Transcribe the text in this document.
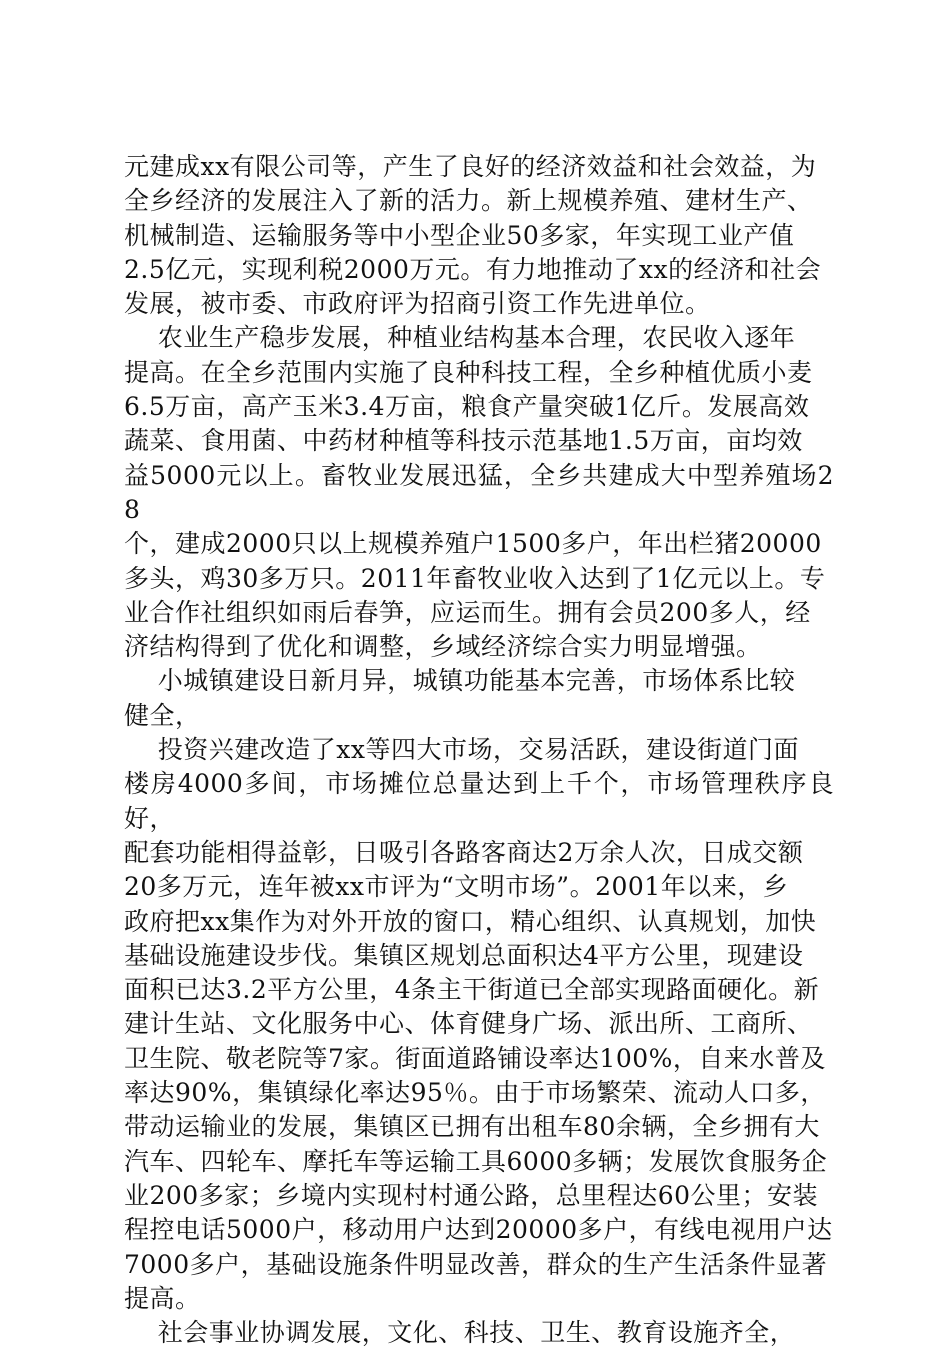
元建成xx有限公司等，产生了良好的经济效益和社会效益，为
全乡经济的发展注入了新的活力。新上规模养殖、建材生产、
机械制造、运输服务等中小型企业50多家，年实现工业产值
2.5亿元，实现利税2000万元。有力地推动了xx的经济和社会
发展，被市委、市政府评为招商引资工作先进单位。
农业生产稳步发展，种植业结构基本合理，农民收入逐年
提高。在全乡范围内实施了良种科技工程，全乡种植优质小麦
6.5万亩，高产玉米3.4万亩，粮食产量突破1亿斤。发展高效
蔬菜、食用菌、中药材种植等科技示范基地1.5万亩，亩均效
益5000元以上。畜牧业发展迅猛，全乡共建成大中型养殖场28
个，建成2000只以上规模养殖户1500多户，年出栏猪20000
多头，鸡30多万只。2011年畜牧业收入达到了1亿元以上。专
业合作社组织如雨后春笋，应运而生。拥有会员200多人，经
济结构得到了优化和调整，乡域经济综合实力明显增强。
小城镇建设日新月异，城镇功能基本完善，市场体系比较
健全，
投资兴建改造了xx等四大市场，交易活跃，建设街道门面
楼房4000多间，市场摊位总量达到上千个，市场管理秩序良好，
配套功能相得益彰，日吸引各路客商达2万余人次，日成交额
20多万元，连年被xx市评为“文明市场”。2001年以来，乡
政府把xx集作为对外开放的窗口，精心组织、认真规划，加快
基础设施建设步伐。集镇区规划总面积达4平方公里，现建设
面积已达3.2平方公里，4条主干街道已全部实现路面硬化。新
建计生站、文化服务中心、体育健身广场、派出所、工商所、
卫生院、敬老院等7家。街面道路铺设率达100%，自来水普及
率达90%，集镇绿化率达95％。由于市场繁荣、流动人口多，
带动运输业的发展，集镇区已拥有出租车80余辆，全乡拥有大
汽车、四轮车、摩托车等运输工具6000多辆；发展饮食服务企
业200多家；乡境内实现村村通公路，总里程达60公里；安装
程控电话5000户，移动用户达到20000多户，有线电视用户达
7000多户，基础设施条件明显改善，群众的生产生活条件显著
提高。
社会事业协调发展，文化、科技、卫生、教育设施齐全，
